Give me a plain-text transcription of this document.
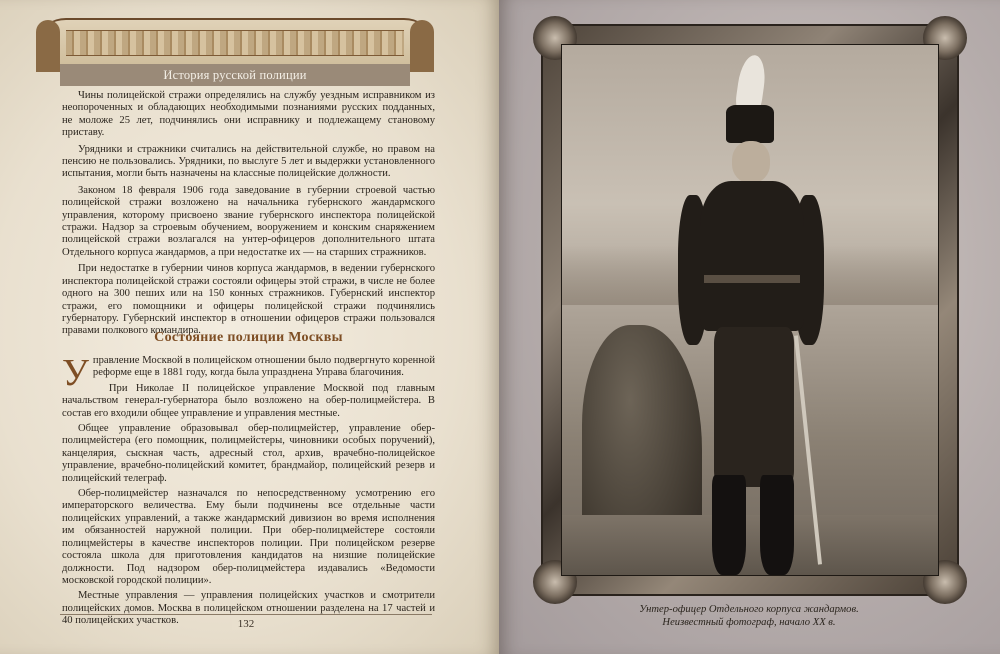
История русской полиции

Чины полицейской стражи определялись на службу уездным исправником из неопороченных и обладающих необходимыми познаниями русских подданных, не моложе 25 лет, подчинялись они исправнику и подлежащему становому приставу.

Урядники и стражники считались на действительной службе, но правом на пенсию не пользовались. Урядники, по выслуге 5 лет и выдержки установленного испытания, могли быть назначены на классные полицейские должности.

Законом 18 февраля 1906 года заведование в губернии строевой частью полицейской стражи возложено на начальника губернского жандармского управления, которому присвоено звание губернского инспектора полицейской стражи. Надзор за строевым обучением, вооружением и конским снаряжением полицейской стражи возлагался на унтер-офицеров дополнительного штата Отдельного корпуса жандармов, а при недостатке их — на старших стражников.

При недостатке в губернии чинов корпуса жандармов, в ведении губернского инспектора полицейской стражи состояли офицеры этой стражи, в числе не более одного на 300 пеших или на 150 конных стражников. Губернский инспектор стражи, его помощники и офицеры полицейской стражи подчинялись губернатору. Губернский инспектор в отношении офицеров стражи пользовался правами полкового командира.

Состояние полиции Москвы

Управление Москвой в полицейском отношении было подвергнуто коренной реформе еще в 1881 году, когда была упразднена Управа благочиния.

При Николае II полицейское управление Москвой под главным начальством генерал-губернатора было возложено на обер-полицмейстера. В состав его входили общее управление и управления местные.

Общее управление образовывал обер-полицмейстер, управление обер-полицмейстера (его помощник, полицмейстеры, чиновники особых поручений), канцелярия, сыскная часть, адресный стол, архив, врачебно-полицейское управление, врачебно-полицейский комитет, брандмайор, полицейский резерв и полицейский телеграф.

Обер-полицмейстер назначался по непосредственному усмотрению его императорского величества. Ему были подчинены все отдельные части полицейских управлений, а также жандармский дивизион во время исполнения им обязанностей наружной полиции. При обер-полицмейстере состояли полицмейстеры в качестве инспекторов полиции. При полицейском резерве состояла школа для приготовления кандидатов на низшие полицейские должности. Под надзором обер-полицмейстера издавались «Ведомости московской городской полиции».

Местные управления — управления полицейских участков и смотрители полицейских домов. Москва в полицейском отношении разделена на 17 частей и 40 полицейских участков.	132
Унтер-офицер Отдельного корпуса жандармов.
Неизвестный фотограф, начало XX в.
